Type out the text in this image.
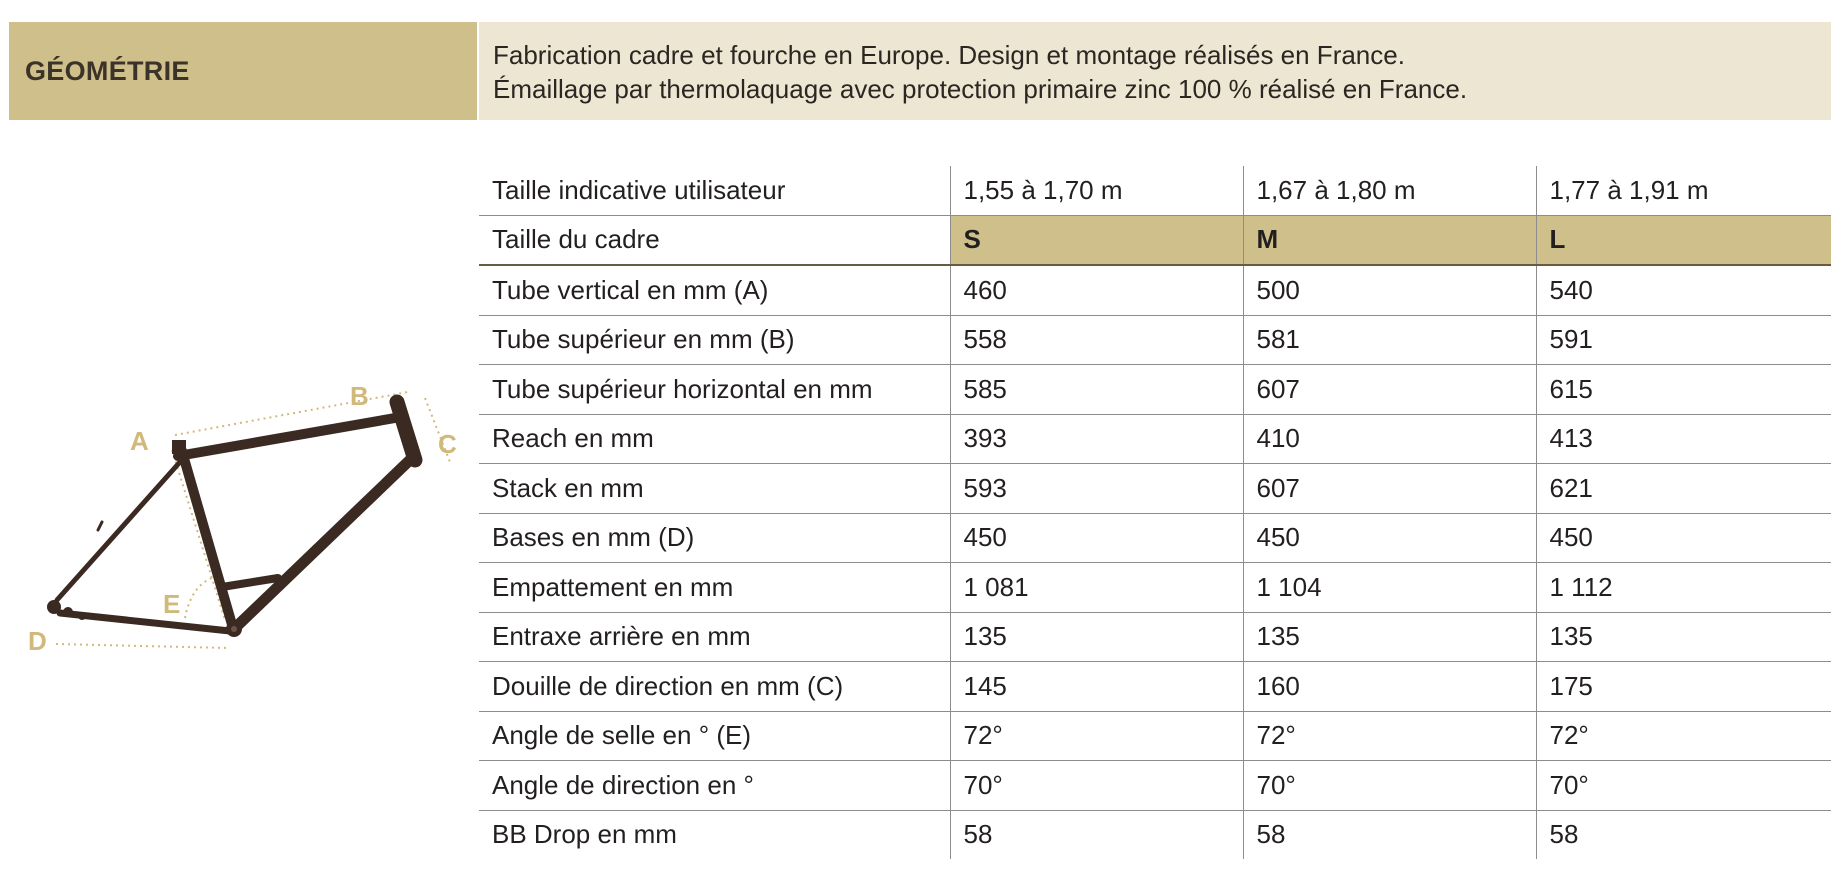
GÉOMÉTRIE
Fabrication cadre et fourche en Europe. Design et montage réalisés en France.
Émaillage par thermolaquage avec protection primaire zinc 100 % réalisé en France.
A
B
C
D
E
Taille indicative utilisateur	1,55 à 1,70 m	1,67 à 1,80 m	1,77 à 1,91 m
Taille du cadre	S	M	L
Tube vertical en mm (A)	460	500	540
Tube supérieur en mm (B)	558	581	591
Tube supérieur horizontal en mm	585	607	615
Reach en mm	393	410	413
Stack en mm	593	607	621
Bases en mm (D)	450	450	450
Empattement en mm	1 081	1 104	1 112
Entraxe arrière en mm	135	135	135
Douille de direction en mm (C)	145	160	175
Angle de selle en ° (E)	72°	72°	72°
Angle de direction en °	70°	70°	70°
BB Drop en mm	58	58	58
